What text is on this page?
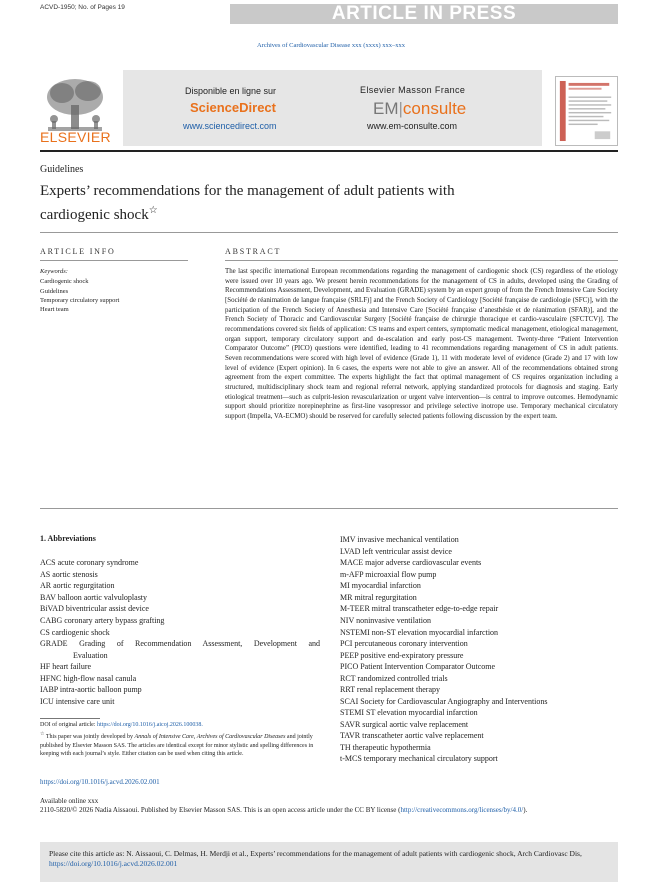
ACVD-1950; No. of Pages 19	ARTICLE IN PRESS
Archives of Cardiovascular Disease xxx (xxxx) xxx–xxx
ELSEVIER
Disponible en ligne sur
ScienceDirect
www.sciencedirect.com
Elsevier Masson France
EM|consulte
www.em-consulte.com
Guidelines
Experts’ recommendations for the management of adult patients with
cardiogenic shock☆
ARTICLE INFO
Keywords:
Cardiogenic shock
Guidelines
Temporary circulatory support
Heart team
ABSTRACT
The last specific international European recommendations regarding the management of cardiogenic shock (CS) regardless of the etiology were issued over 10 years ago. We present herein recommendations for the management of CS in adults, developed using the Grading of Recommendations Assessment, Development, and Evaluation (GRADE) system by an expert group of from the French Intensive Care Society [Société de réanimation de langue française (SRLF)] and the French Society of Cardiology [Société française de cardiologie (SFC)], with the participation of the French Society of Anesthesia and Intensive Care [Société française d’anesthésie et de réanimation (SFAR)], and the French Society of Thoracic and Cardiovascular Surgery [Société française de chirurgie thoracique et cardio-vasculaire (SFCTCV)]. The recommendations covered six fields of application: CS teams and expert centers, symptomatic medical management, etiological management, organ support, temporary circulatory support and de-escalation and early post-CS management. Twenty-three “Patient Intervention Comparator Outcome” (PICO) questions were identified, leading to 41 recommendations regarding management of CS in adult patients. Seven recommendations were scored with high level of evidence (Grade 1), 11 with moderate level of evidence (Grade 2) and 17 with low level of evidence (Expert opinion). In 6 cases, the experts were not able to give an answer. All of the recommendations obtained strong agreement from the expert committee. The experts highlight the fact that optimal management of CS requires organization including a structured, multidisciplinary shock team and regional referral network, applying standardized protocols for diagnosis and staging. Early etiological treatment—such as culprit-lesion revascularization or urgent valve intervention—is central to improve outcomes. Hemodynamic support should prioritize norepinephrine as first-line vasopressor and privilege selective inotrope use. Temporary mechanical circulatory support (Impella, VA-ECMO) should be reserved for carefully selected patients following discussion by the expert team.
1. Abbreviations
ACS acute coronary syndrome
AS aortic stenosis
AR aortic regurgitation
BAV balloon aortic valvuloplasty
BiVAD biventricular assist device
CABG coronary artery bypass grafting
CS cardiogenic shock
GRADE Grading of Recommendation Assessment, Development and
Evaluation
HF heart failure
HFNC high-flow nasal canula
IABP intra-aortic balloon pump
IMV invasive mechanical ventilation
LVAD left ventricular assist device
MACE major adverse cardiovascular events
m-AFP microaxial flow pump
MI myocardial infarction
MR mitral regurgitation
M-TEER mitral transcatheter edge-to-edge repair
NIV noninvasive ventilation
NSTEMI non-ST elevation myocardial infarction
PCI percutaneous coronary intervention
PEEP positive end-expiratory pressure
PICO Patient Intervention Comparator Outcome
RCT randomized controlled trials
RRT renal replacement therapy
SCAI Society for Cardiovascular Angiography and Interventions
STEMI ST elevation myocardial infarction
SAVR surgical aortic valve replacement
TAVR transcatheter aortic valve replacement
TH therapeutic hypothermia
t-MCS temporary mechanical circulatory support
ICU intensive care unit
DOI of original article: https://doi.org/10.1016/j.aicoj.2026.100038.
☆ This paper was jointly developed by Annals of Intensive Care, Archives of Cardiovascular Diseases and jointly published by Elsevier Masson SAS. The articles are identical except for minor stylistic and spelling differences in keeping with each journal’s style. Either citation can be used when citing this article.
https://doi.org/10.1016/j.acvd.2026.02.001
Available online xxx
2110-5820/© 2026 Nadia Aissaoui. Published by Elsevier Masson SAS. This is an open access article under the CC BY license (http://creativecommons.org/licenses/by/4.0/).
Please cite this article as: N. Aissaoui, C. Delmas, H. Merdji et al., Experts’ recommendations for the management of adult patients with cardiogenic shock, Arch Cardiovasc Dis, https://doi.org/10.1016/j.acvd.2026.02.001
